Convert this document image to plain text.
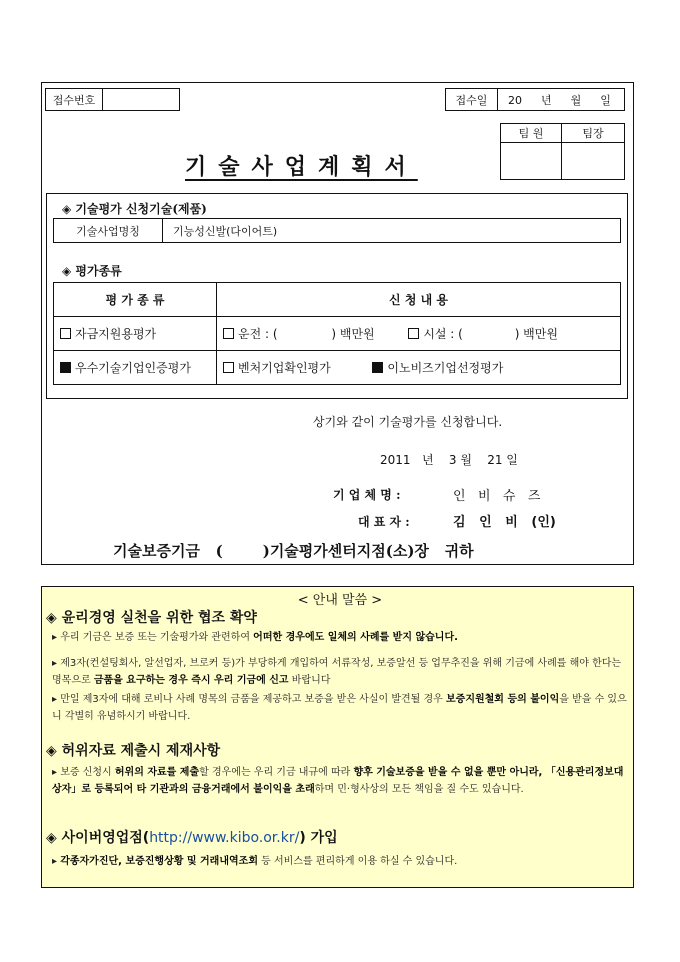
접수번호	접수일	20  년  월  일
팀 원	팀장
기술사업계획서
◈ 기술평가 신청기술(제품)
기술사업명칭	기능성신발(다이어트)
◈ 평가종류
평 가 종 류	신 청 내 용
자금지원용평가	운전 : ( ) 백만원 시설 : ( ) 백만원
우수기술기업인증평가	벤처기업확인평가 이노비즈기업선정평가
상기와 같이 기술평가를 신청합니다.
2011 년 3 월 21 일
기 업 체 명 :	인   비   슈   즈
대 표 자 :	김   인   비   (인)
기술보증기금   (	)기술평가센터지점(소)장   귀하
< 안내 말씀 >
◈ 윤리경영 실천을 위한 협조 확약
▸ 우리 기금은 보증 또는 기술평가와 관련하여 어떠한 경우에도 일체의 사례를 받지 않습니다.
▸ 제3자(컨설팅회사, 알선업자, 브로커 등)가 부당하게 개입하여 서류작성, 보증알선 등 업무추진을 위해 기금에 사례를 해야 한다는 명목으로 금품을 요구하는 경우 즉시 우리 기금에 신고 바랍니다
▸ 만일 제3자에 대해 로비나 사례 명목의 금품을 제공하고 보증을 받은 사실이 발견될 경우 보증지원철회 등의 불이익을 받을 수 있으니 각별히 유념하시기 바랍니다.
◈ 허위자료 제출시 제재사항
▸ 보증 신청시 허위의 자료를 제출할 경우에는 우리 기금 내규에 따라 향후 기술보증을 받을 수 없을 뿐만 아니라, 「신용관리정보대상자」로 등록되어 타 기관과의 금융거래에서 불이익을 초래하며 민·형사상의 모든 책임을 질 수도 있습니다.
◈ 사이버영업점(http://www.kibo.or.kr/) 가입
▸ 각종자가진단, 보증진행상황 및 거래내역조회 등 서비스를 편리하게 이용 하실 수 있습니다.
